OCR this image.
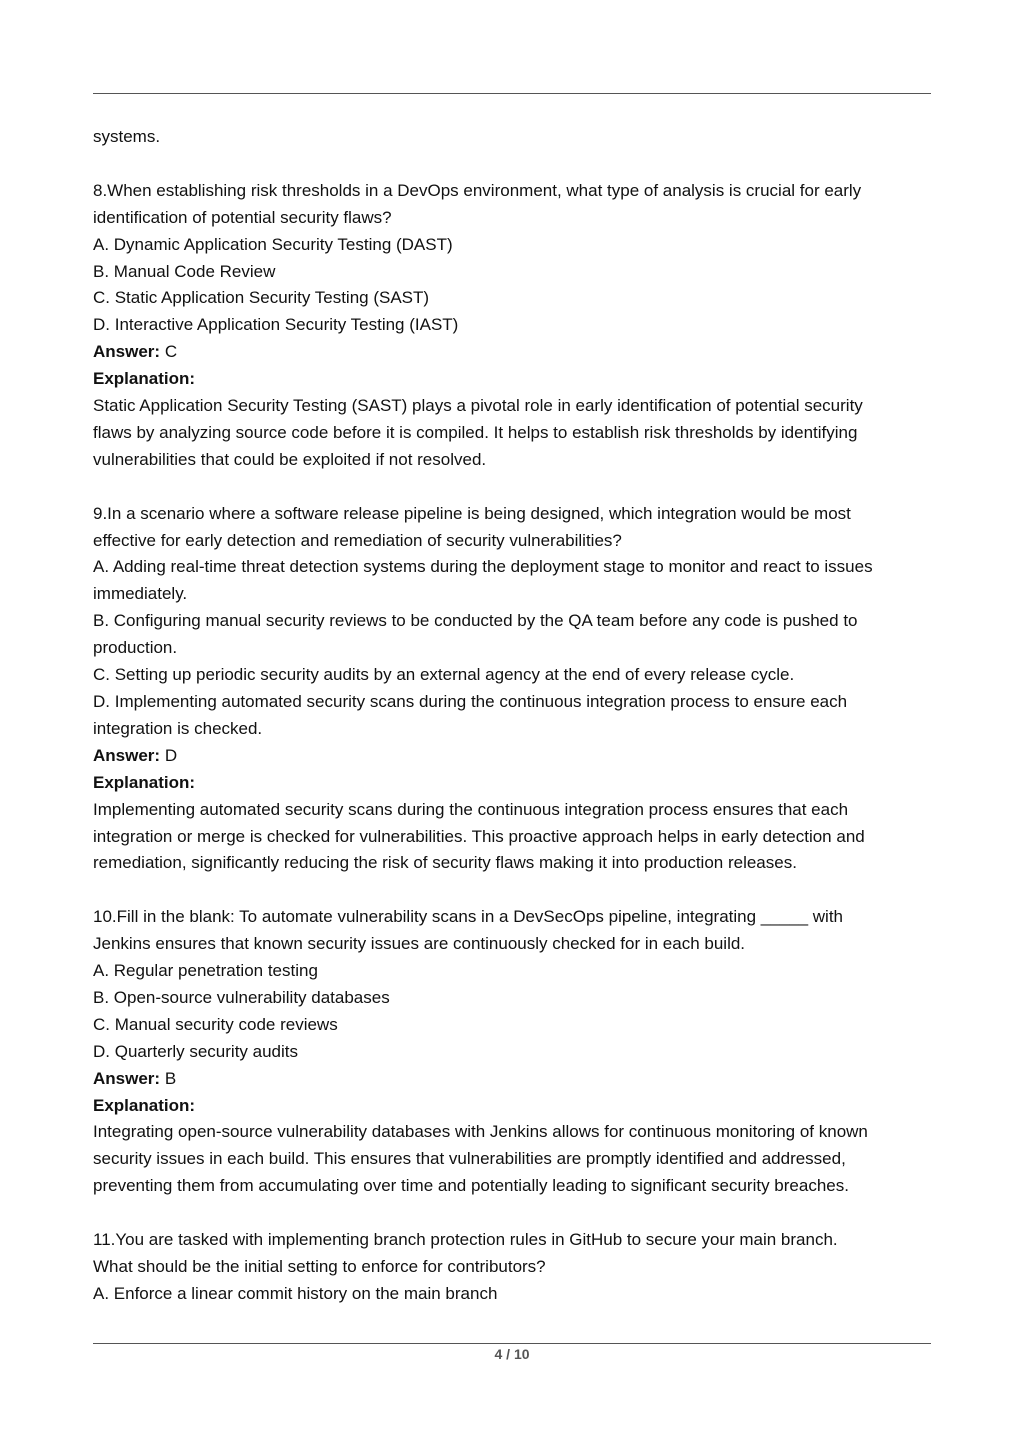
systems.
8.When establishing risk thresholds in a DevOps environment, what type of analysis is crucial for early
identification of potential security flaws?
A. Dynamic Application Security Testing (DAST)
B. Manual Code Review
C. Static Application Security Testing (SAST)
D. Interactive Application Security Testing (IAST)
Answer: C
Explanation:
Static Application Security Testing (SAST) plays a pivotal role in early identification of potential security
flaws by analyzing source code before it is compiled. It helps to establish risk thresholds by identifying
vulnerabilities that could be exploited if not resolved.
9.In a scenario where a software release pipeline is being designed, which integration would be most
effective for early detection and remediation of security vulnerabilities?
A. Adding real-time threat detection systems during the deployment stage to monitor and react to issues
immediately.
B. Configuring manual security reviews to be conducted by the QA team before any code is pushed to
production.
C. Setting up periodic security audits by an external agency at the end of every release cycle.
D. Implementing automated security scans during the continuous integration process to ensure each
integration is checked.
Answer: D
Explanation:
Implementing automated security scans during the continuous integration process ensures that each
integration or merge is checked for vulnerabilities. This proactive approach helps in early detection and
remediation, significantly reducing the risk of security flaws making it into production releases.
10.Fill in the blank: To automate vulnerability scans in a DevSecOps pipeline, integrating _____ with
Jenkins ensures that known security issues are continuously checked for in each build.
A. Regular penetration testing
B. Open-source vulnerability databases
C. Manual security code reviews
D. Quarterly security audits
Answer: B
Explanation:
Integrating open-source vulnerability databases with Jenkins allows for continuous monitoring of known
security issues in each build. This ensures that vulnerabilities are promptly identified and addressed,
preventing them from accumulating over time and potentially leading to significant security breaches.
11.You are tasked with implementing branch protection rules in GitHub to secure your main branch.
What should be the initial setting to enforce for contributors?
A. Enforce a linear commit history on the main branch
4 / 10
